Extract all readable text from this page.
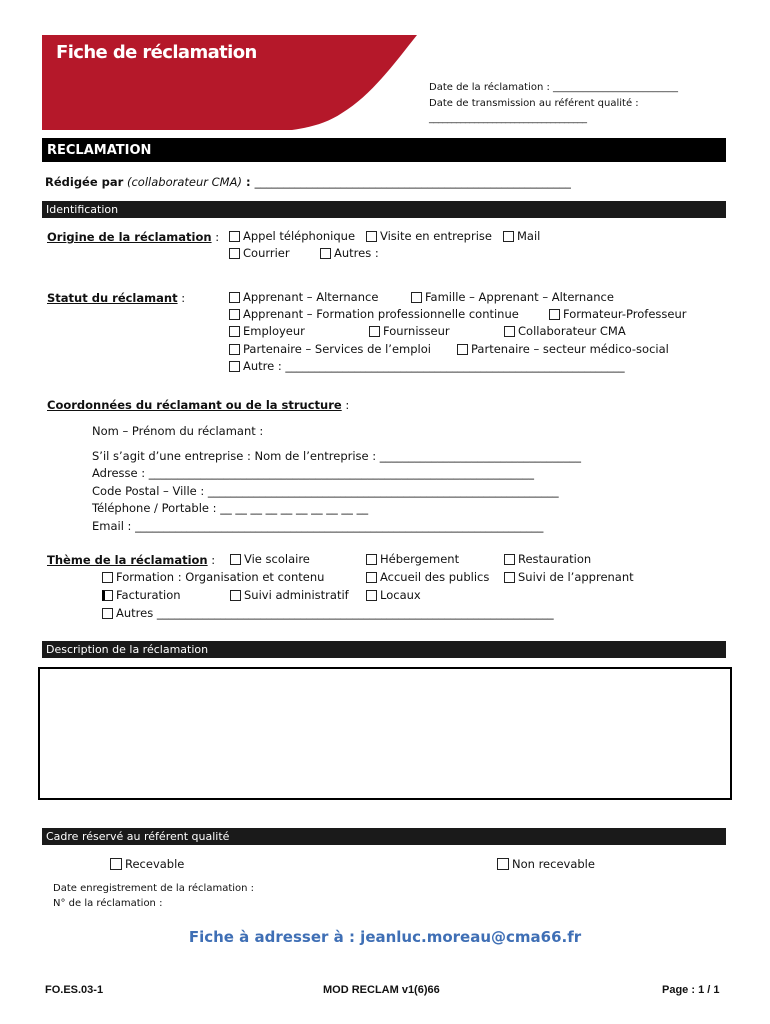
Fiche de réclamation
Date de la réclamation : _________________________
Date de transmission au référent qualité :
___________________________________
RECLAMATION
Rédigée par (collaborateur CMA) : _______________________________________________________
Identification
Origine de la réclamation : Appel téléphonique Visite en entreprise Mail
Courrier	Autres :
Statut du réclamant :	Apprenant – Alternance	Famille – Apprenant – Alternance
Apprenant – Formation professionnelle continue	Formateur-Professeur
Employeur	Fournisseur	Collaborateur CMA
Partenaire – Services de l’emploi	Partenaire – secteur médico-social
Autre : ___________________________________________________________
Coordonnées du réclamant ou de la structure :
Nom – Prénom du réclamant :
S’il s’agit d’une entreprise : Nom de l’entreprise : ___________________________________
Adresse : ___________________________________________________________________
Code Postal – Ville : _____________________________________________________________
Téléphone / Portable : __ __ __ __ __ __ __ __ __ __
Email : _______________________________________________________________________
Thème de la réclamation :	Vie scolaire	Hébergement	Restauration
Formation : Organisation et contenu	Accueil des publics Suivi de l’apprenant
Facturation	Suivi administratif	Locaux
Autres _____________________________________________________________________
Description de la réclamation
Cadre réservé au référent qualité
Recevable	Non recevable
Date enregistrement de la réclamation :
N° de la réclamation :
Fiche à adresser à : jeanluc.moreau@cma66.fr
FO.ES.03-1	MOD RECLAM v1(6)66	Page : 1 / 1
